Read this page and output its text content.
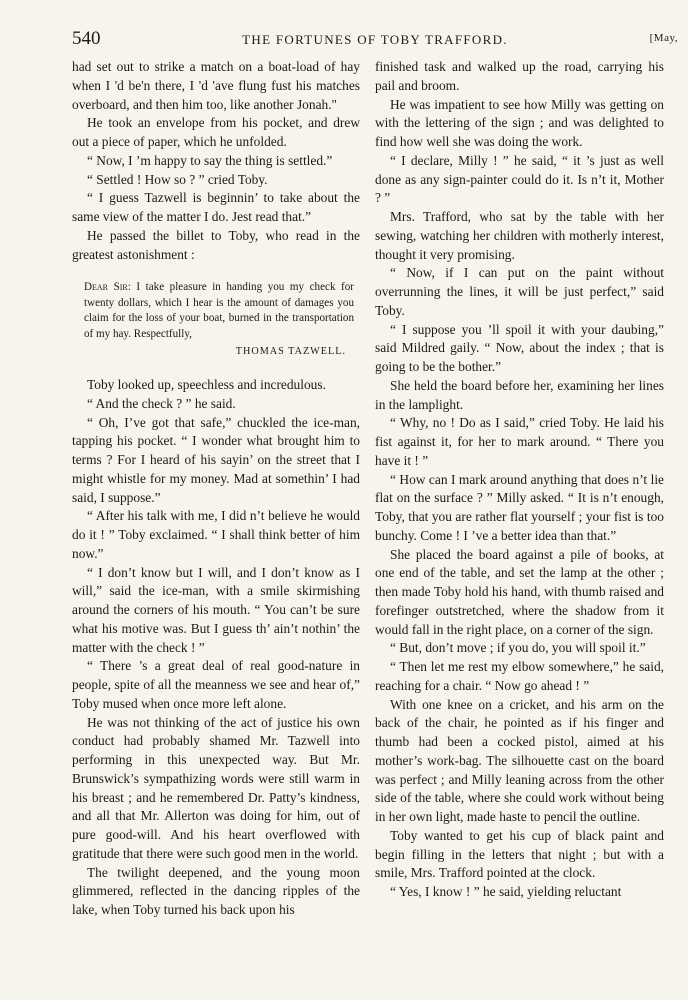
540	THE FORTUNES OF TOBY TRAFFORD.	[May,

had set out to strike a match on a boat-load of hay when I 'd be'n there, I 'd 'ave flung fust his matches overboard, and then him too, like another Jonah."

He took an envelope from his pocket, and drew out a piece of paper, which he unfolded.

“ Now, I ’m happy to say the thing is settled.”

“ Settled ! How so ? ” cried Toby.

“ I guess Tazwell is beginnin’ to take about the same view of the matter I do. Jest read that.”

He passed the billet to Toby, who read in the greatest astonishment :

Dear Sir: I take pleasure in handing you my check for twenty dollars, which I hear is the amount of damages you claim for the loss of your boat, burned in the transportation of my hay. Respectfully,
THOMAS TAZWELL.

Toby looked up, speechless and incredulous.

“ And the check ? ” he said.

“ Oh, I’ve got that safe,” chuckled the ice-man, tapping his pocket. “ I wonder what brought him to terms ? For I heard of his sayin’ on the street that I might whistle for my money. Mad at somethin’ I had said, I suppose.”

“ After his talk with me, I did n’t believe he would do it ! ” Toby exclaimed. “ I shall think better of him now.”

“ I don’t know but I will, and I don’t know as I will,” said the ice-man, with a smile skirmishing around the corners of his mouth. “ You can’t be sure what his motive was. But I guess th’ ain’t nothin’ the matter with the check ! ”

“ There ’s a great deal of real good-nature in people, spite of all the meanness we see and hear of,” Toby mused when once more left alone.

He was not thinking of the act of justice his own conduct had probably shamed Mr. Tazwell into performing in this unexpected way. But Mr. Brunswick’s sympathizing words were still warm in his breast ; and he remembered Dr. Patty’s kindness, and all that Mr. Allerton was doing for him, out of pure good-will. And his heart overflowed with gratitude that there were such good men in the world.

The twilight deepened, and the young moon glimmered, reflected in the dancing ripples of the lake, when Toby turned his back upon his

finished task and walked up the road, carrying his pail and broom.

He was impatient to see how Milly was getting on with the lettering of the sign ; and was delighted to find how well she was doing the work.

“ I declare, Milly ! ” he said, “ it ’s just as well done as any sign-painter could do it. Is n’t it, Mother ? ”

Mrs. Trafford, who sat by the table with her sewing, watching her children with motherly interest, thought it very promising.

“ Now, if I can put on the paint without overrunning the lines, it will be just perfect,” said Toby.

“ I suppose you ’ll spoil it with your daubing,” said Mildred gaily. “ Now, about the index ; that is going to be the bother.”

She held the board before her, examining her lines in the lamplight.

“ Why, no ! Do as I said,” cried Toby. He laid his fist against it, for her to mark around. “ There you have it ! ”

“ How can I mark around anything that does n’t lie flat on the surface ? ” Milly asked. “ It is n’t enough, Toby, that you are rather flat yourself ; your fist is too bunchy. Come ! I ’ve a better idea than that.”

She placed the board against a pile of books, at one end of the table, and set the lamp at the other ; then made Toby hold his hand, with thumb raised and forefinger outstretched, where the shadow from it would fall in the right place, on a corner of the sign.

“ But, don’t move ; if you do, you will spoil it.”

“ Then let me rest my elbow somewhere,” he said, reaching for a chair. “ Now go ahead ! ”

With one knee on a cricket, and his arm on the back of the chair, he pointed as if his finger and thumb had been a cocked pistol, aimed at his mother’s work-bag. The silhouette cast on the board was perfect ; and Milly leaning across from the other side of the table, where she could work without being in her own light, made haste to pencil the outline.

Toby wanted to get his cup of black paint and begin filling in the letters that night ; but with a smile, Mrs. Trafford pointed at the clock.

“ Yes, I know ! ” he said, yielding reluctant
